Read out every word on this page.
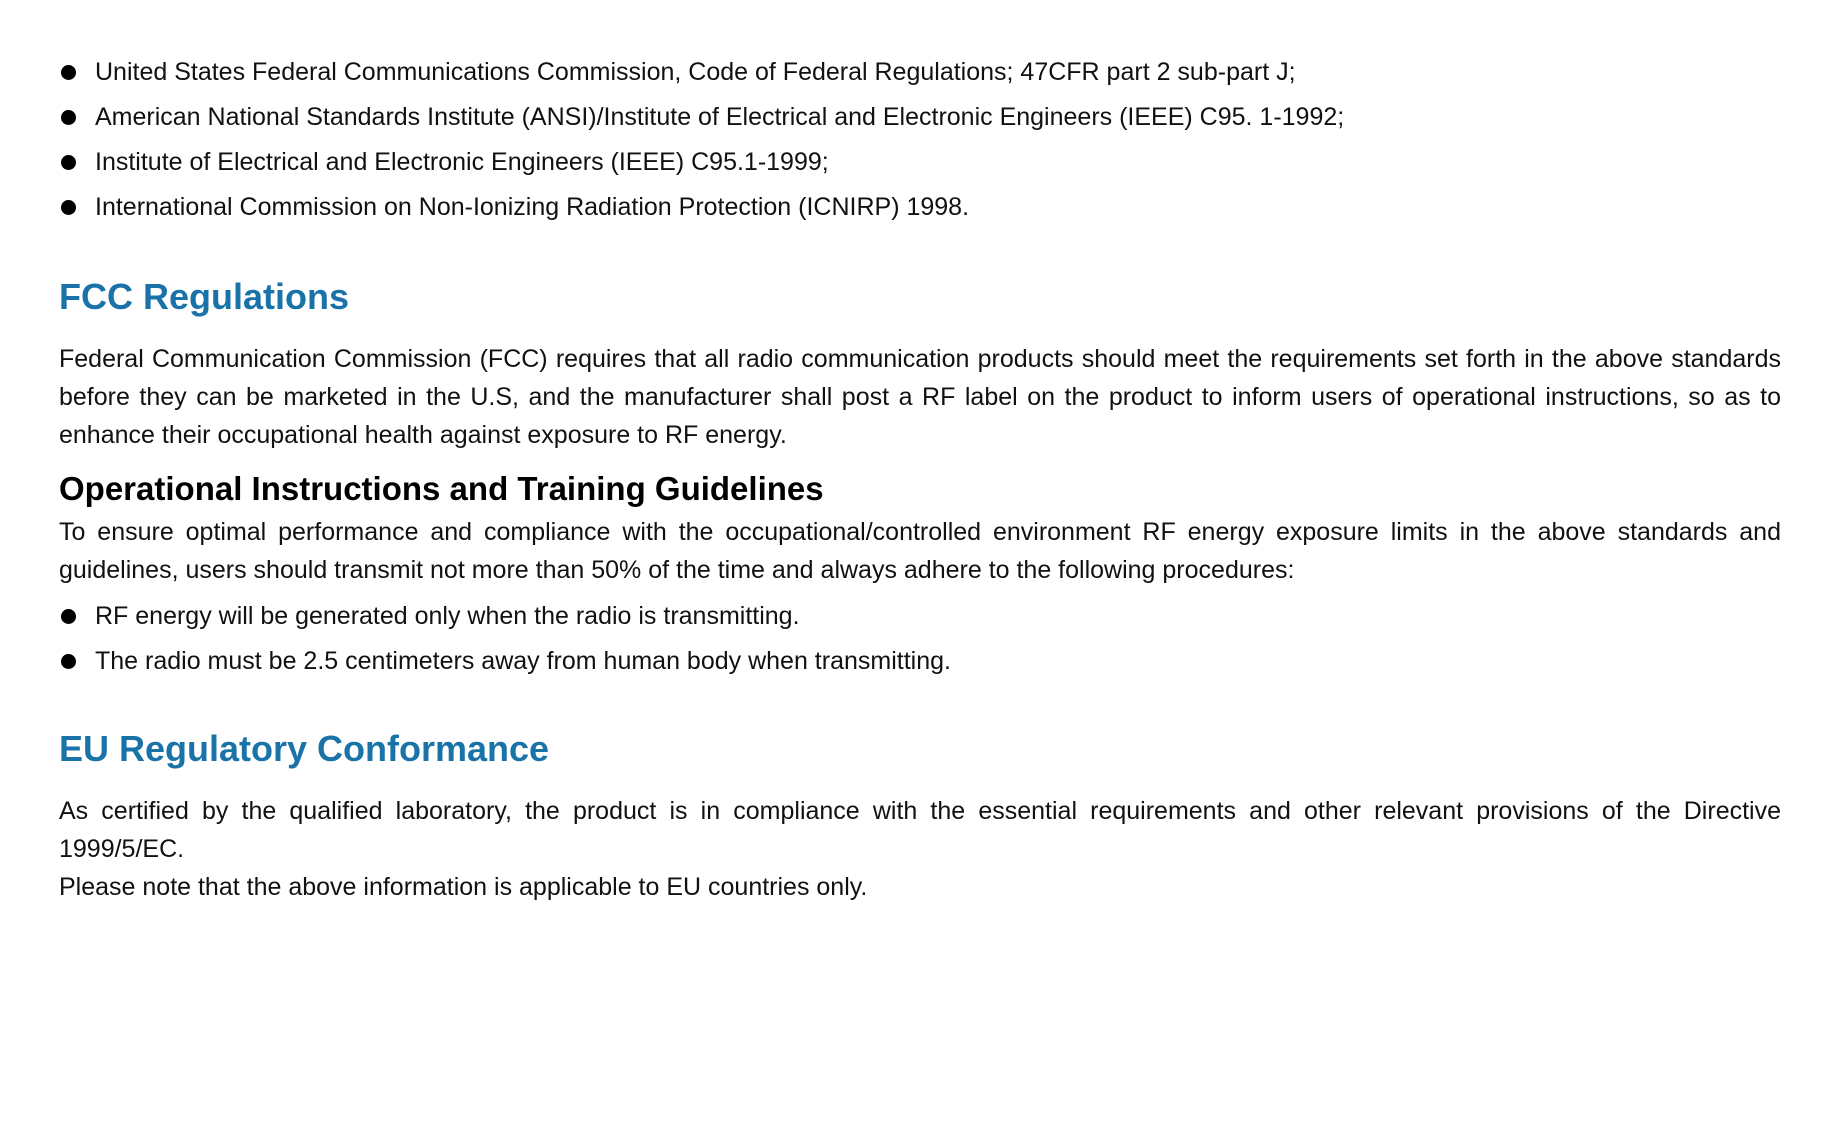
United States Federal Communications Commission, Code of Federal Regulations; 47CFR part 2 sub-part J;
American National Standards Institute (ANSI)/Institute of Electrical and Electronic Engineers (IEEE) C95. 1-1992;
Institute of Electrical and Electronic Engineers (IEEE) C95.1-1999;
International Commission on Non-Ionizing Radiation Protection (ICNIRP) 1998.
FCC Regulations

Federal Communication Commission (FCC) requires that all radio communication products should meet the requirements set forth in the above standards before they can be marketed in the U.S, and the manufacturer shall post a RF label on the product to inform users of operational instructions, so as to enhance their occupational health against exposure to RF energy.

Operational Instructions and Training Guidelines

To ensure optimal performance and compliance with the occupational/controlled environment RF energy exposure limits in the above standards and guidelines, users should transmit not more than 50% of the time and always adhere to the following procedures:

RF energy will be generated only when the radio is transmitting.
The radio must be 2.5 centimeters away from human body when transmitting.
EU Regulatory Conformance

As certified by the qualified laboratory, the product is in compliance with the essential requirements and other relevant provisions of the Directive 1999/5/EC.

Please note that the above information is applicable to EU countries only.
